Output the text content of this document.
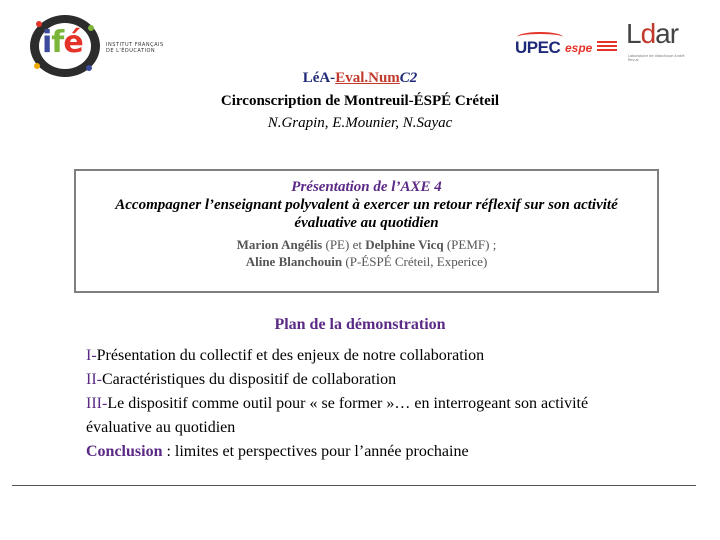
ifé	INSTITUT FRANÇAIS DE L'ÉDUCATION	UPEC espe Ldar
Laboratoire de didactique André Revuz
LéA-Eval.NumC2
Circonscription de Montreuil-ÉSPÉ Créteil
N.Grapin, E.Mounier, N.Sayac
Présentation de l’AXE 4
Accompagner l’enseignant polyvalent à exercer un retour réflexif sur son activité évaluative au quotidien
Marion Angélis (PE) et Delphine Vicq (PEMF) ;
Aline Blanchouin (P-ÉSPÉ Créteil, Experice)
Plan de la démonstration
I-Présentation du collectif et des enjeux de notre collaboration
II-Caractéristiques du dispositif de collaboration
III-Le dispositif comme outil pour « se former »… en interrogeant son activité évaluative au quotidien
Conclusion : limites et perspectives pour l’année prochaine
